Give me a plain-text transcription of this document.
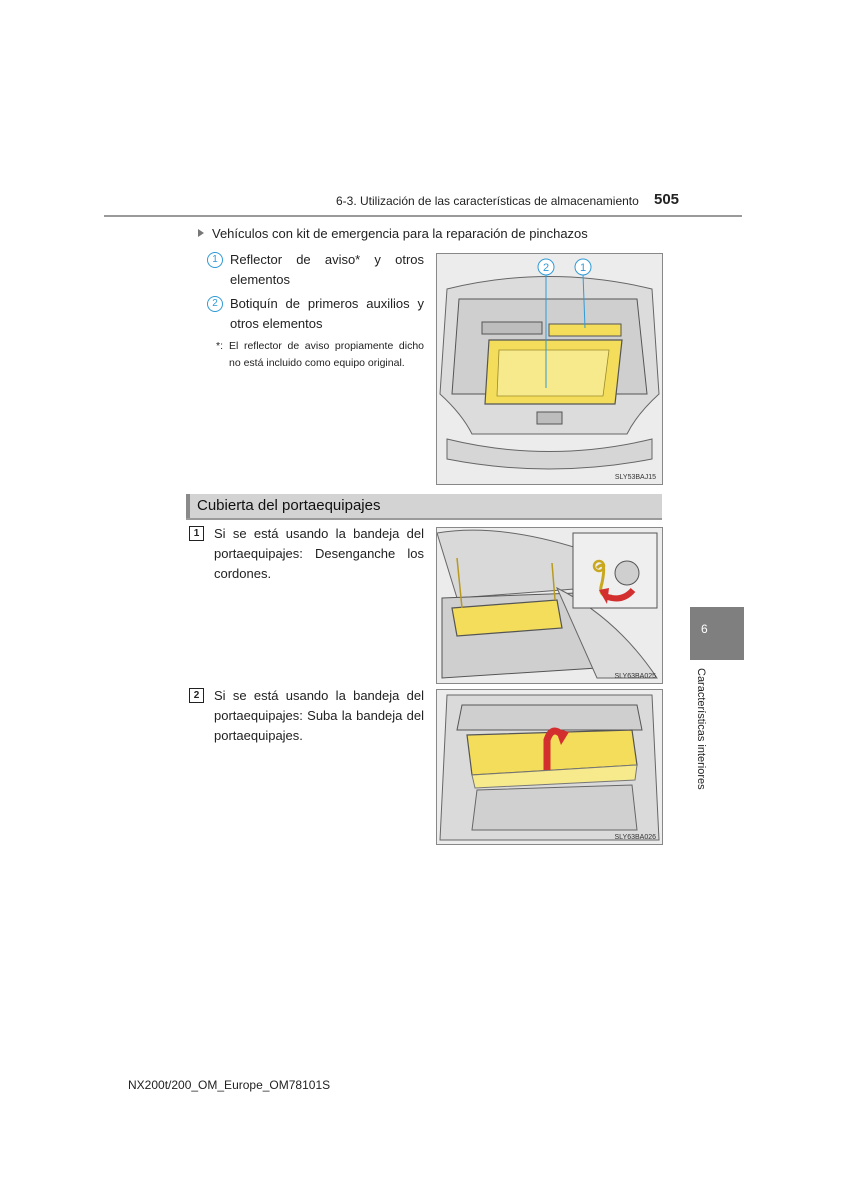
6-3. Utilización de las características de almacenamiento 505
Vehículos con kit de emergencia para la reparación de pinchazos
1 Reflector de aviso* y otros elementos
2 Botiquín de primeros auxilios y otros elementos
*: El reflector de aviso propiamente dicho no está incluido como equipo original.
2	1
SLY53BAJ15
Cubierta del portaequipajes
1	Si se está usando la bandeja del portaequipajes: Desenganche los cordones.
2	Si se está usando la bandeja del portaequipajes: Suba la bandeja del portaequipajes.
SLY63BA025
SLY63BA026
6
Características interiores
NX200t/200_OM_Europe_OM78101S
